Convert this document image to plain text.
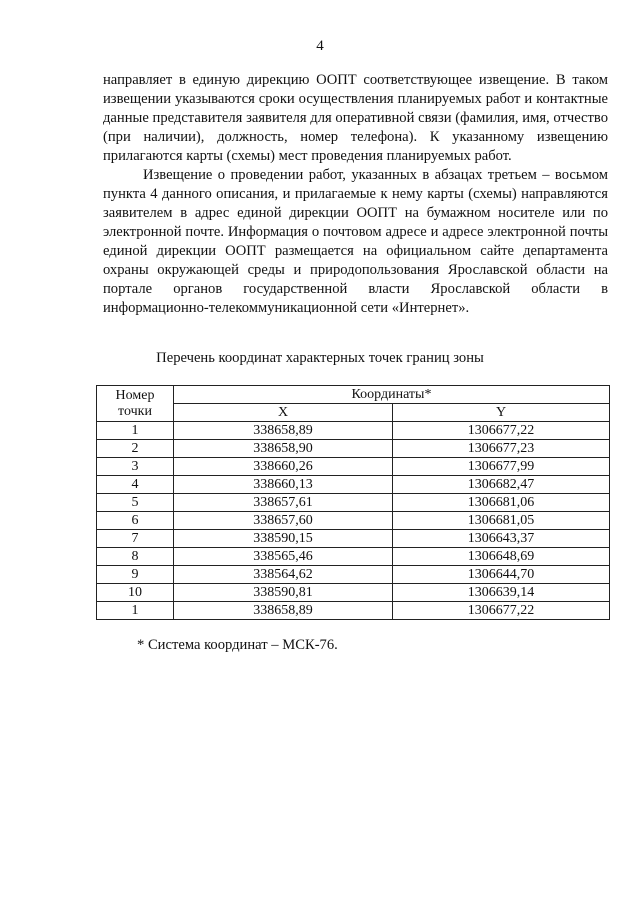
4

направляет в единую дирекцию ООПТ соответствующее извещение. В таком извещении указываются сроки осуществления планируемых работ и контактные данные представителя заявителя для оперативной связи (фамилия, имя, отчество (при наличии), должность, номер телефона). К указанному извещению прилагаются карты (схемы) мест проведения планируемых работ.

Извещение о проведении работ, указанных в абзацах третьем – восьмом пункта 4 данного описания, и прилагаемые к нему карты (схемы) направляются заявителем в адрес единой дирекции ООПТ на бумажном носителе или по электронной почте. Информация о почтовом адресе и адресе электронной почты единой дирекции ООПТ размещается на официальном сайте департамента охраны окружающей среды и природопользования Ярославской области на портале органов государственной власти Ярославской области в информационно-телекоммуникационной сети «Интернет».

Перечень координат характерных точек границ зоны
Номер точки	Координаты*	
	X	Y
1	338658,89	1306677,22
2	338658,90	1306677,23
3	338660,26	1306677,99
4	338660,13	1306682,47
5	338657,61	1306681,06
6	338657,60	1306681,05
7	338590,15	1306643,37
8	338565,46	1306648,69
9	338564,62	1306644,70
10	338590,81	1306639,14
1	338658,89	1306677,22
* Система координат – МСК-76.
